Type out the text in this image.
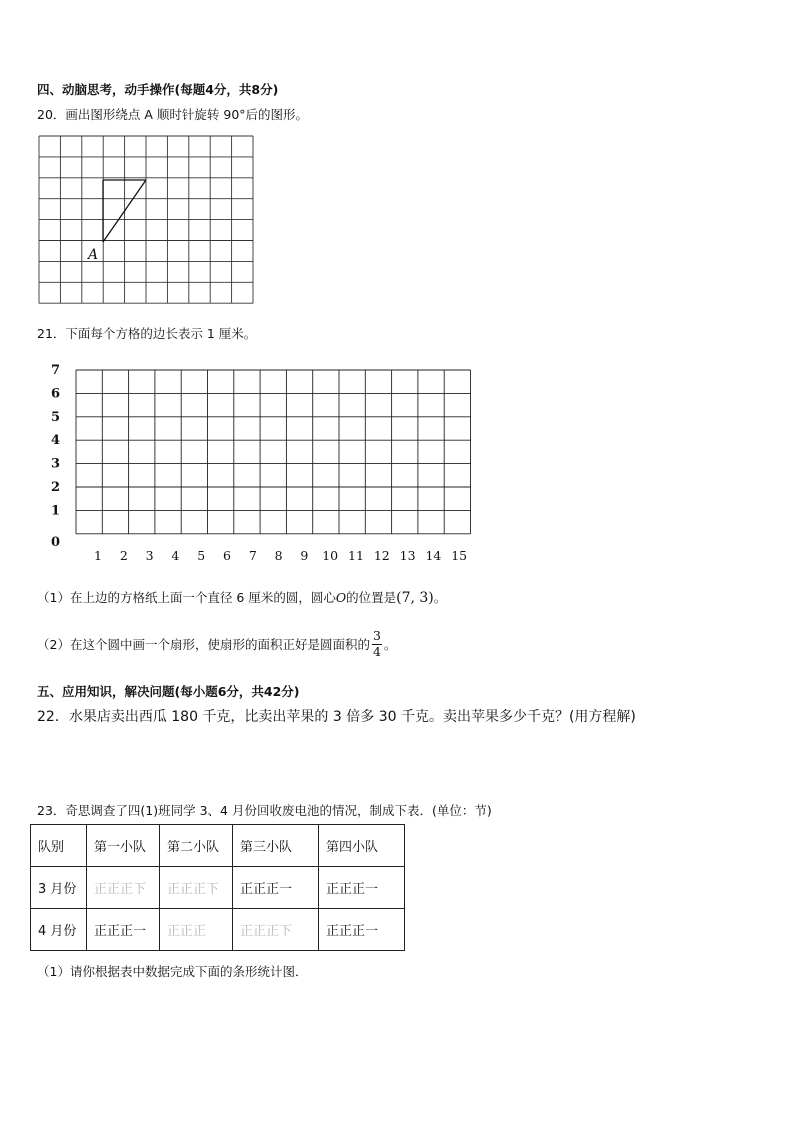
四、动脑思考，动手操作(每题4分，共8分)
20．画出图形绕点 A 顺时针旋转 90°后的图形。
A
21．下面每个方格的边长表示 1 厘米。
7
6
5
4
3
2
1
0
1 2 3 4 5 6 7 8 9 10 11 12 13 14 15
（1）在上边的方格纸上面一个直径 6 厘米的圆，圆心O的位置是(7, 3)。
（2）在这个圆中画一个扇形，使扇形的面积正好是圆面积的 $\frac{3}{4}$ 。
五、应用知识，解决问题(每小题6分，共42分)
22．水果店卖出西瓜 180 千克，比卖出苹果的 3 倍多 30 千克。卖出苹果多少千克？(用方程解)
23．奇思调查了四(1)班同学 3、4 月份回收废电池的情况，制成下表．(单位：节)
队别	第一小队	第二小队	第三小队	第四小队
3 月份	正正正下	正正正下	正正正一	正正正一
4 月份	正正正一	正正正	正正正下	正正正一
（1）请你根据表中数据完成下面的条形统计图．
